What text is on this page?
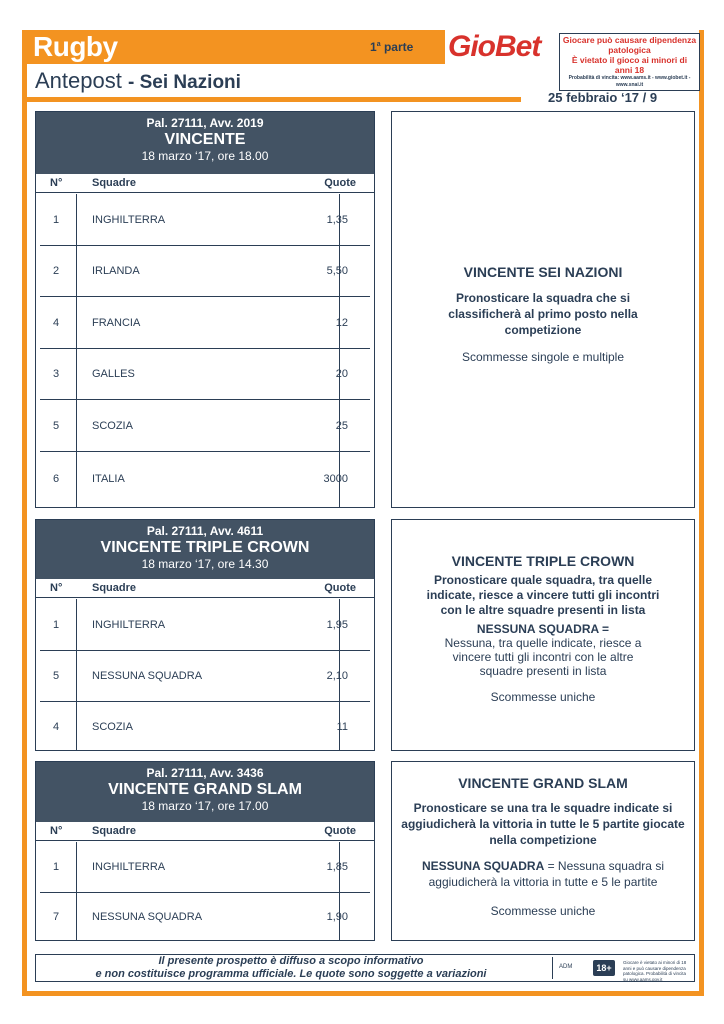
Rugby	1$^a$ parte
Antepost - Sei Nazioni
25 febbraio ‘17 / 9
GioBet	Giocare può causare dipendenza patologica
È vietato il gioco ai minori di anni 18
Probabilità di vincita: www.aams.it - www.giobet.it - www.snai.it
Pal. 27111, Avv. 2019
VINCENTE
18 marzo ‘17, ore 18.00
N°	Squadre	Quote
1	INGHILTERRA	1,35
2	IRLANDA	5,50
4	FRANCIA	12
3	GALLES	20
5	SCOZIA	25
6	ITALIA	3000
VINCENTE SEI NAZIONI
Pronosticare la squadra che si classificherà al primo posto nella competizione
Scommesse singole e multiple
Pal. 27111, Avv. 4611
VINCENTE TRIPLE CROWN
18 marzo ‘17, ore 14.30
N°	Squadre	Quote
1	INGHILTERRA	1,95
5	NESSUNA SQUADRA	2,10
4	SCOZIA	11
VINCENTE TRIPLE CROWN
Pronosticare quale squadra, tra quelle indicate, riesce a vincere tutti gli incontri con le altre squadre presenti in lista
NESSUNA SQUADRA =
Nessuna, tra quelle indicate, riesce a vincere tutti gli incontri con le altre squadre presenti in lista
Scommesse uniche
Pal. 27111, Avv. 3436
VINCENTE GRAND SLAM
18 marzo ‘17, ore 17.00
N°	Squadre	Quote
1	INGHILTERRA	1,85
7	NESSUNA SQUADRA	1,90
VINCENTE GRAND SLAM
Pronosticare se una tra le squadre indicate si aggiudicherà la vittoria in tutte le 5 partite giocate nella competizione
NESSUNA SQUADRA = Nessuna squadra si aggiudicherà la vittoria in tutte e 5 le partite
Scommesse uniche
Il presente prospetto è diffuso a scopo informativo
e non costituisce programma ufficiale. Le quote sono soggette a variazioni
ADM	18+
Giocare è vietato ai minori di 18 anni e può causare dipendenza patologica. Probabilità di vincita su www.aams.gov.it
